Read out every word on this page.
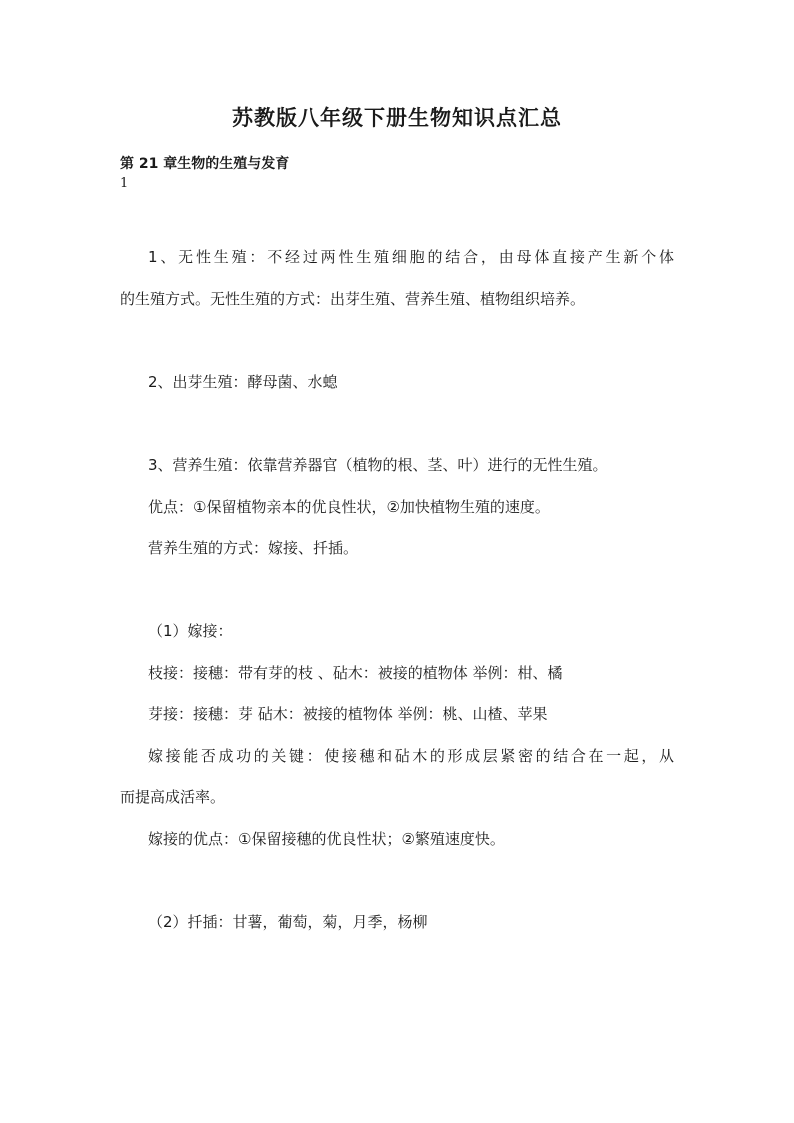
苏教版八年级下册生物知识点汇总
第 21 章生物的生殖与发育
1
1、无性生殖：不经过两性生殖细胞的结合，由母体直接产生新个体
的生殖方式。无性生殖的方式：出芽生殖、营养生殖、植物组织培养。
2、出芽生殖：酵母菌、水螅
3、营养生殖：依靠营养器官（植物的根、茎、叶）进行的无性生殖。
优点：①保留植物亲本的优良性状，②加快植物生殖的速度。
营养生殖的方式：嫁接、扦插。
（1）嫁接：
枝接：接穗：带有芽的枝 、砧木：被接的植物体 举例：柑、橘
芽接：接穗：芽 砧木：被接的植物体 举例：桃、山楂、苹果
嫁接能否成功的关键：使接穗和砧木的形成层紧密的结合在一起，从
而提高成活率。
嫁接的优点：①保留接穗的优良性状；②繁殖速度快。
（2）扦插：甘薯，葡萄，菊，月季，杨柳
